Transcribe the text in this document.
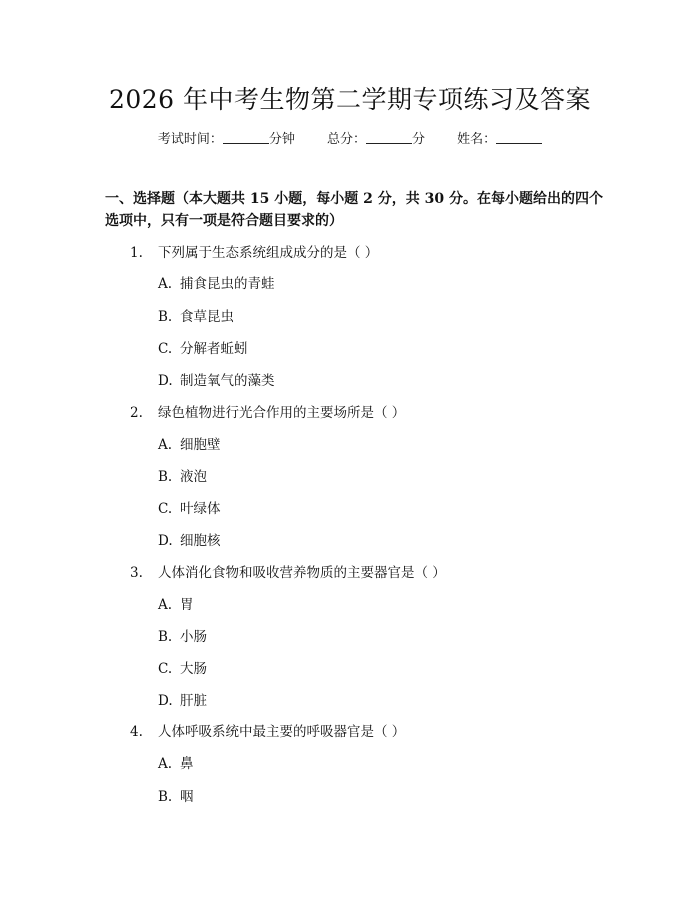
2026 年中考生物第二学期专项练习及答案
考试时间：	分钟 总分：	分 姓名：
一、选择题（本大题共 15 小题，每小题 2 分，共 30 分。在每小题给出的四个选项中，只有一项是符合题目要求的）
1. 下列属于生态系统组成成分的是（ ）
A. 捕食昆虫的青蛙
B. 食草昆虫
C. 分解者蚯蚓
D. 制造氧气的藻类
2. 绿色植物进行光合作用的主要场所是（ ）
A. 细胞壁
B. 液泡
C. 叶绿体
D. 细胞核
3. 人体消化食物和吸收营养物质的主要器官是（ ）
A. 胃
B. 小肠
C. 大肠
D. 肝脏
4. 人体呼吸系统中最主要的呼吸器官是（ ）
A. 鼻
B. 咽
